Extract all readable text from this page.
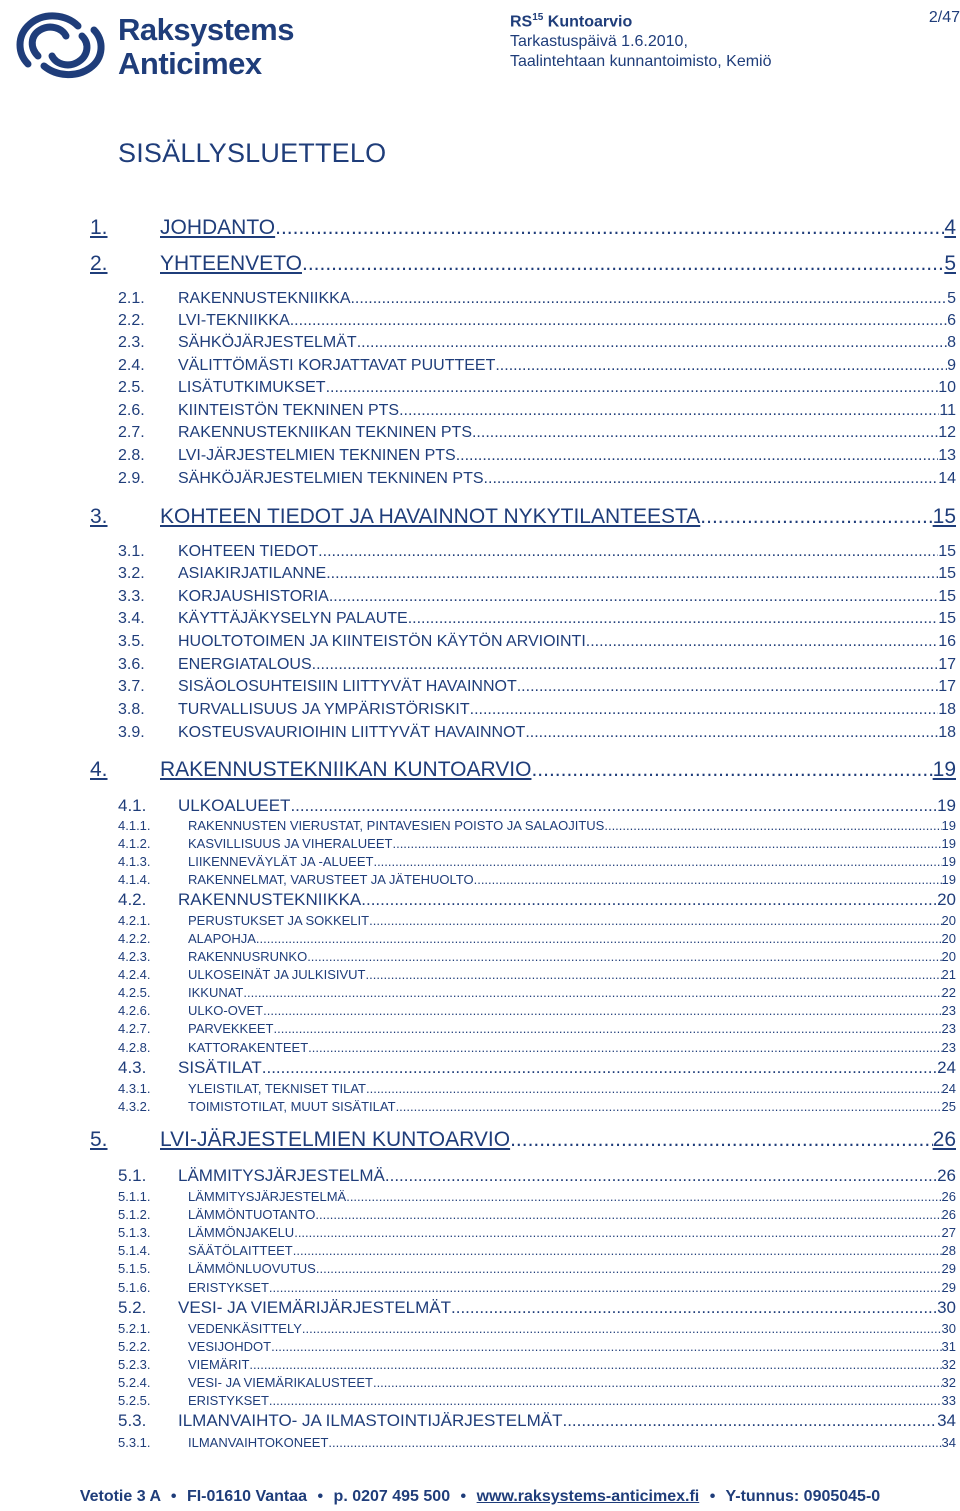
Raksystems
Anticimex
RS$^{15}$ Kuntoarvio
Tarkastuspäivä 1.6.2010,
Taalintehtaan kunnantoimisto, Kemiö
2/47
SISÄLLYSLUETTELO
1. JOHDANTO .....	4
2. YHTEENVETO .....	5
2.1. RAKENNUSTEKNIIKKA .....	5
2.2. LVI-TEKNIIKKA .....	6
2.3. SÄHKÖJÄRJESTELMÄT .....	8
2.4. VÄLITTÖMÄSTI KORJATTAVAT PUUTTEET .....	9
2.5. LISÄTUTKIMUKSET .....	10
2.6. KIINTEISTÖN TEKNINEN PTS .....	11
2.7. RAKENNUSTEKNIIKAN TEKNINEN PTS .....	12
2.8. LVI-JÄRJESTELMIEN TEKNINEN PTS .....	13
2.9. SÄHKÖJÄRJESTELMIEN TEKNINEN PTS .....	14
3. KOHTEEN TIEDOT JA HAVAINNOT NYKYTILANTEESTA .....	15
3.1. KOHTEEN TIEDOT .....	15
3.2. ASIAKIRJATILANNE .....	15
3.3. KORJAUSHISTORIA .....	15
3.4. KÄYTTÄJÄKYSELYN PALAUTE .....	15
3.5. HUOLTOTOIMEN JA KIINTEISTÖN KÄYTÖN ARVIOINTI .....	16
3.6. ENERGIATALOUS .....	17
3.7. SISÄOLOSUHTEISIIN LIITTYVÄT HAVAINNOT .....	17
3.8. TURVALLISUUS JA YMPÄRISTÖRISKIT .....	18
3.9. KOSTEUSVAURIOIHIN LIITTYVÄT HAVAINNOT .....	18
4. RAKENNUSTEKNIIKAN KUNTOARVIO .....	19
4.1. ULKOALUEET .....	19
4.1.1.	RAKENNUSTEN VIERUSTAT, PINTAVESIEN POISTO JA SALAOJITUS .....	19
4.1.2.	KASVILLISUUS JA VIHERALUEET .....	19
4.1.3.	LIIKENNEVÄYLÄT JA -ALUEET .....	19
4.1.4.	RAKENNELMAT, VARUSTEET JA JÄTEHUOLTO .....	19
4.2. RAKENNUSTEKNIIKKA .....	20
4.2.1.	PERUSTUKSET JA SOKKELIT .....	20
4.2.2.	ALAPOHJA .....	20
4.2.3.	RAKENNUSRUNKO .....	20
4.2.4.	ULKOSEINÄT JA JULKISIVUT .....	21
4.2.5.	IKKUNAT .....	22
4.2.6.	ULKO-OVET .....	23
4.2.7.	PARVEKKEET .....	23
4.2.8.	KATTORAKENTEET .....	23
4.3. SISÄTILAT .....	24
4.3.1.	YLEISTILAT, TEKNISET TILAT .....	24
4.3.2.	TOIMISTOTILAT, MUUT SISÄTILAT .....	25
5. LVI-JÄRJESTELMIEN KUNTOARVIO .....	26
5.1. LÄMMITYSJÄRJESTELMÄ .....	26
5.1.1.	LÄMMITYSJÄRJESTELMÄ .....	26
5.1.2.	LÄMMÖNTUOTANTO .....	26
5.1.3.	LÄMMÖNJAKELU .....	27
5.1.4.	SÄÄTÖLAITTEET .....	28
5.1.5.	LÄMMÖNLUOVUTUS .....	29
5.1.6.	ERISTYKSET .....	29
5.2. VESI- JA VIEMÄRIJÄRJESTELMÄT .....	30
5.2.1.	VEDENKÄSITTELY .....	30
5.2.2.	VESIJOHDOT .....	31
5.2.3.	VIEMÄRIT .....	32
5.2.4.	VESI- JA VIEMÄRIKALUSTEET .....	32
5.2.5.	ERISTYKSET .....	33
5.3. ILMANVAIHTO- JA ILMASTOINTIJÄRJESTELMÄT .....	34
5.3.1.	ILMANVAIHTOKONEET .....	34
Vetotie 3 A • FI-01610 Vantaa • p. 0207 495 500 • www.raksystems-anticimex.fi • Y-tunnus: 0905045-0
